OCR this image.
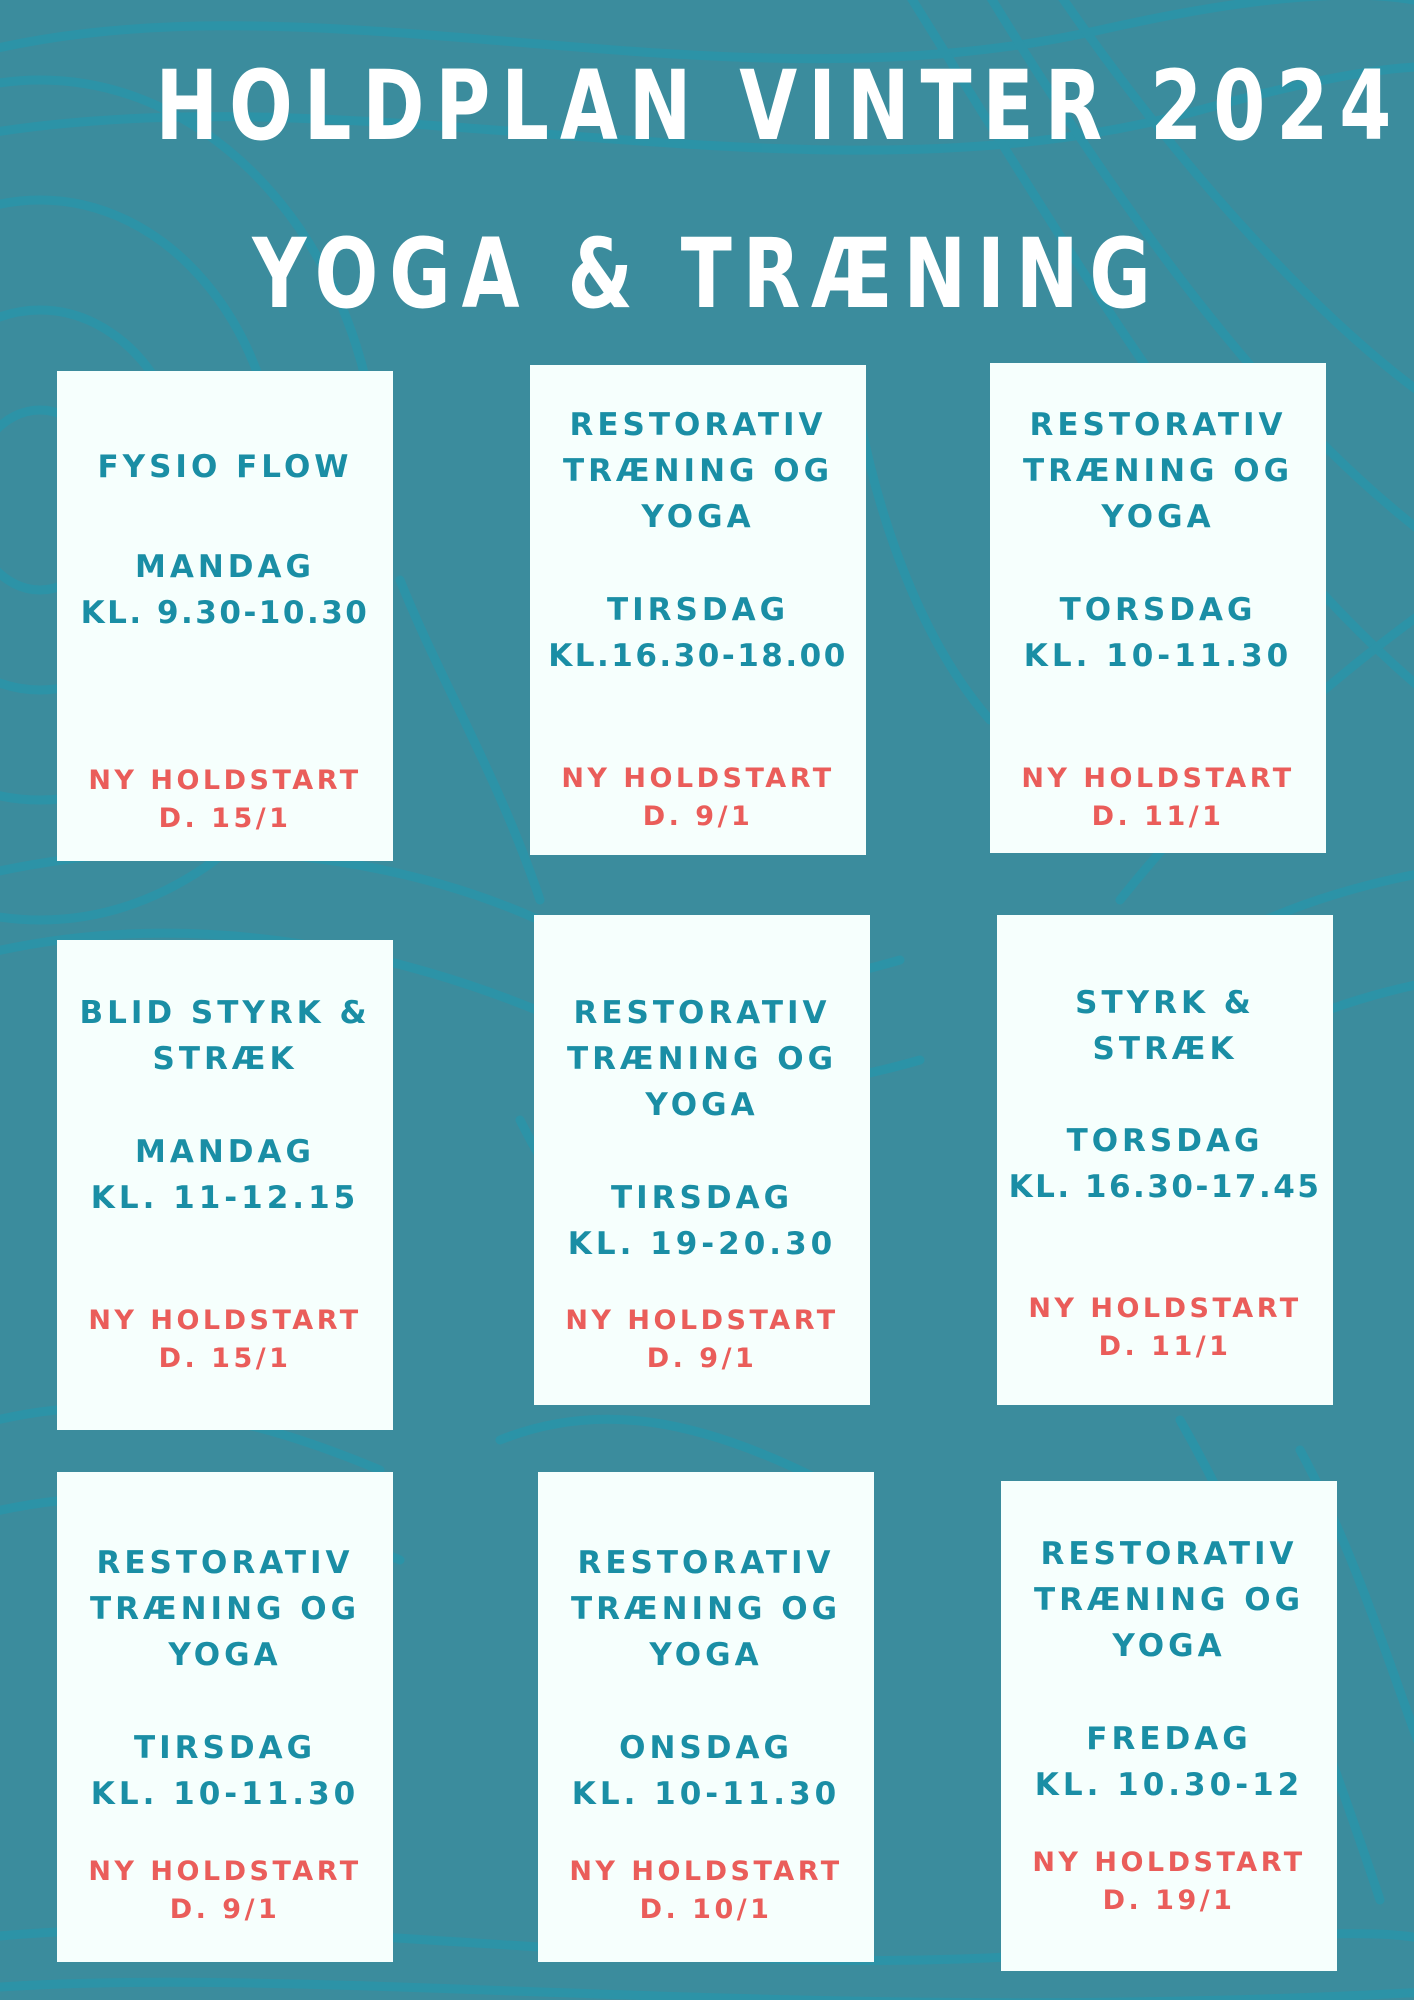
HOLDPLAN VINTER 2024
YOGA & TRÆNING
FYSIO FLOW
MANDAG
KL. 9.30-10.30
NY HOLDSTART
D. 15/1
RESTORATIV
TRÆNING OG
YOGA
TIRSDAG
KL.16.30-18.00
NY HOLDSTART
D. 9/1
RESTORATIV
TRÆNING OG
YOGA
TORSDAG
KL. 10-11.30
NY HOLDSTART
D. 11/1
BLID STYRK &
STRÆK
MANDAG
KL. 11-12.15
NY HOLDSTART
D. 15/1
RESTORATIV
TRÆNING OG
YOGA
TIRSDAG
KL. 19-20.30
NY HOLDSTART
D. 9/1
STYRK &
STRÆK
TORSDAG
KL. 16.30-17.45
NY HOLDSTART
D. 11/1
RESTORATIV
TRÆNING OG
YOGA
TIRSDAG
KL. 10-11.30
NY HOLDSTART
D. 9/1
RESTORATIV
TRÆNING OG
YOGA
ONSDAG
KL. 10-11.30
NY HOLDSTART
D. 10/1
RESTORATIV
TRÆNING OG
YOGA
FREDAG
KL. 10.30-12
NY HOLDSTART
D. 19/1
